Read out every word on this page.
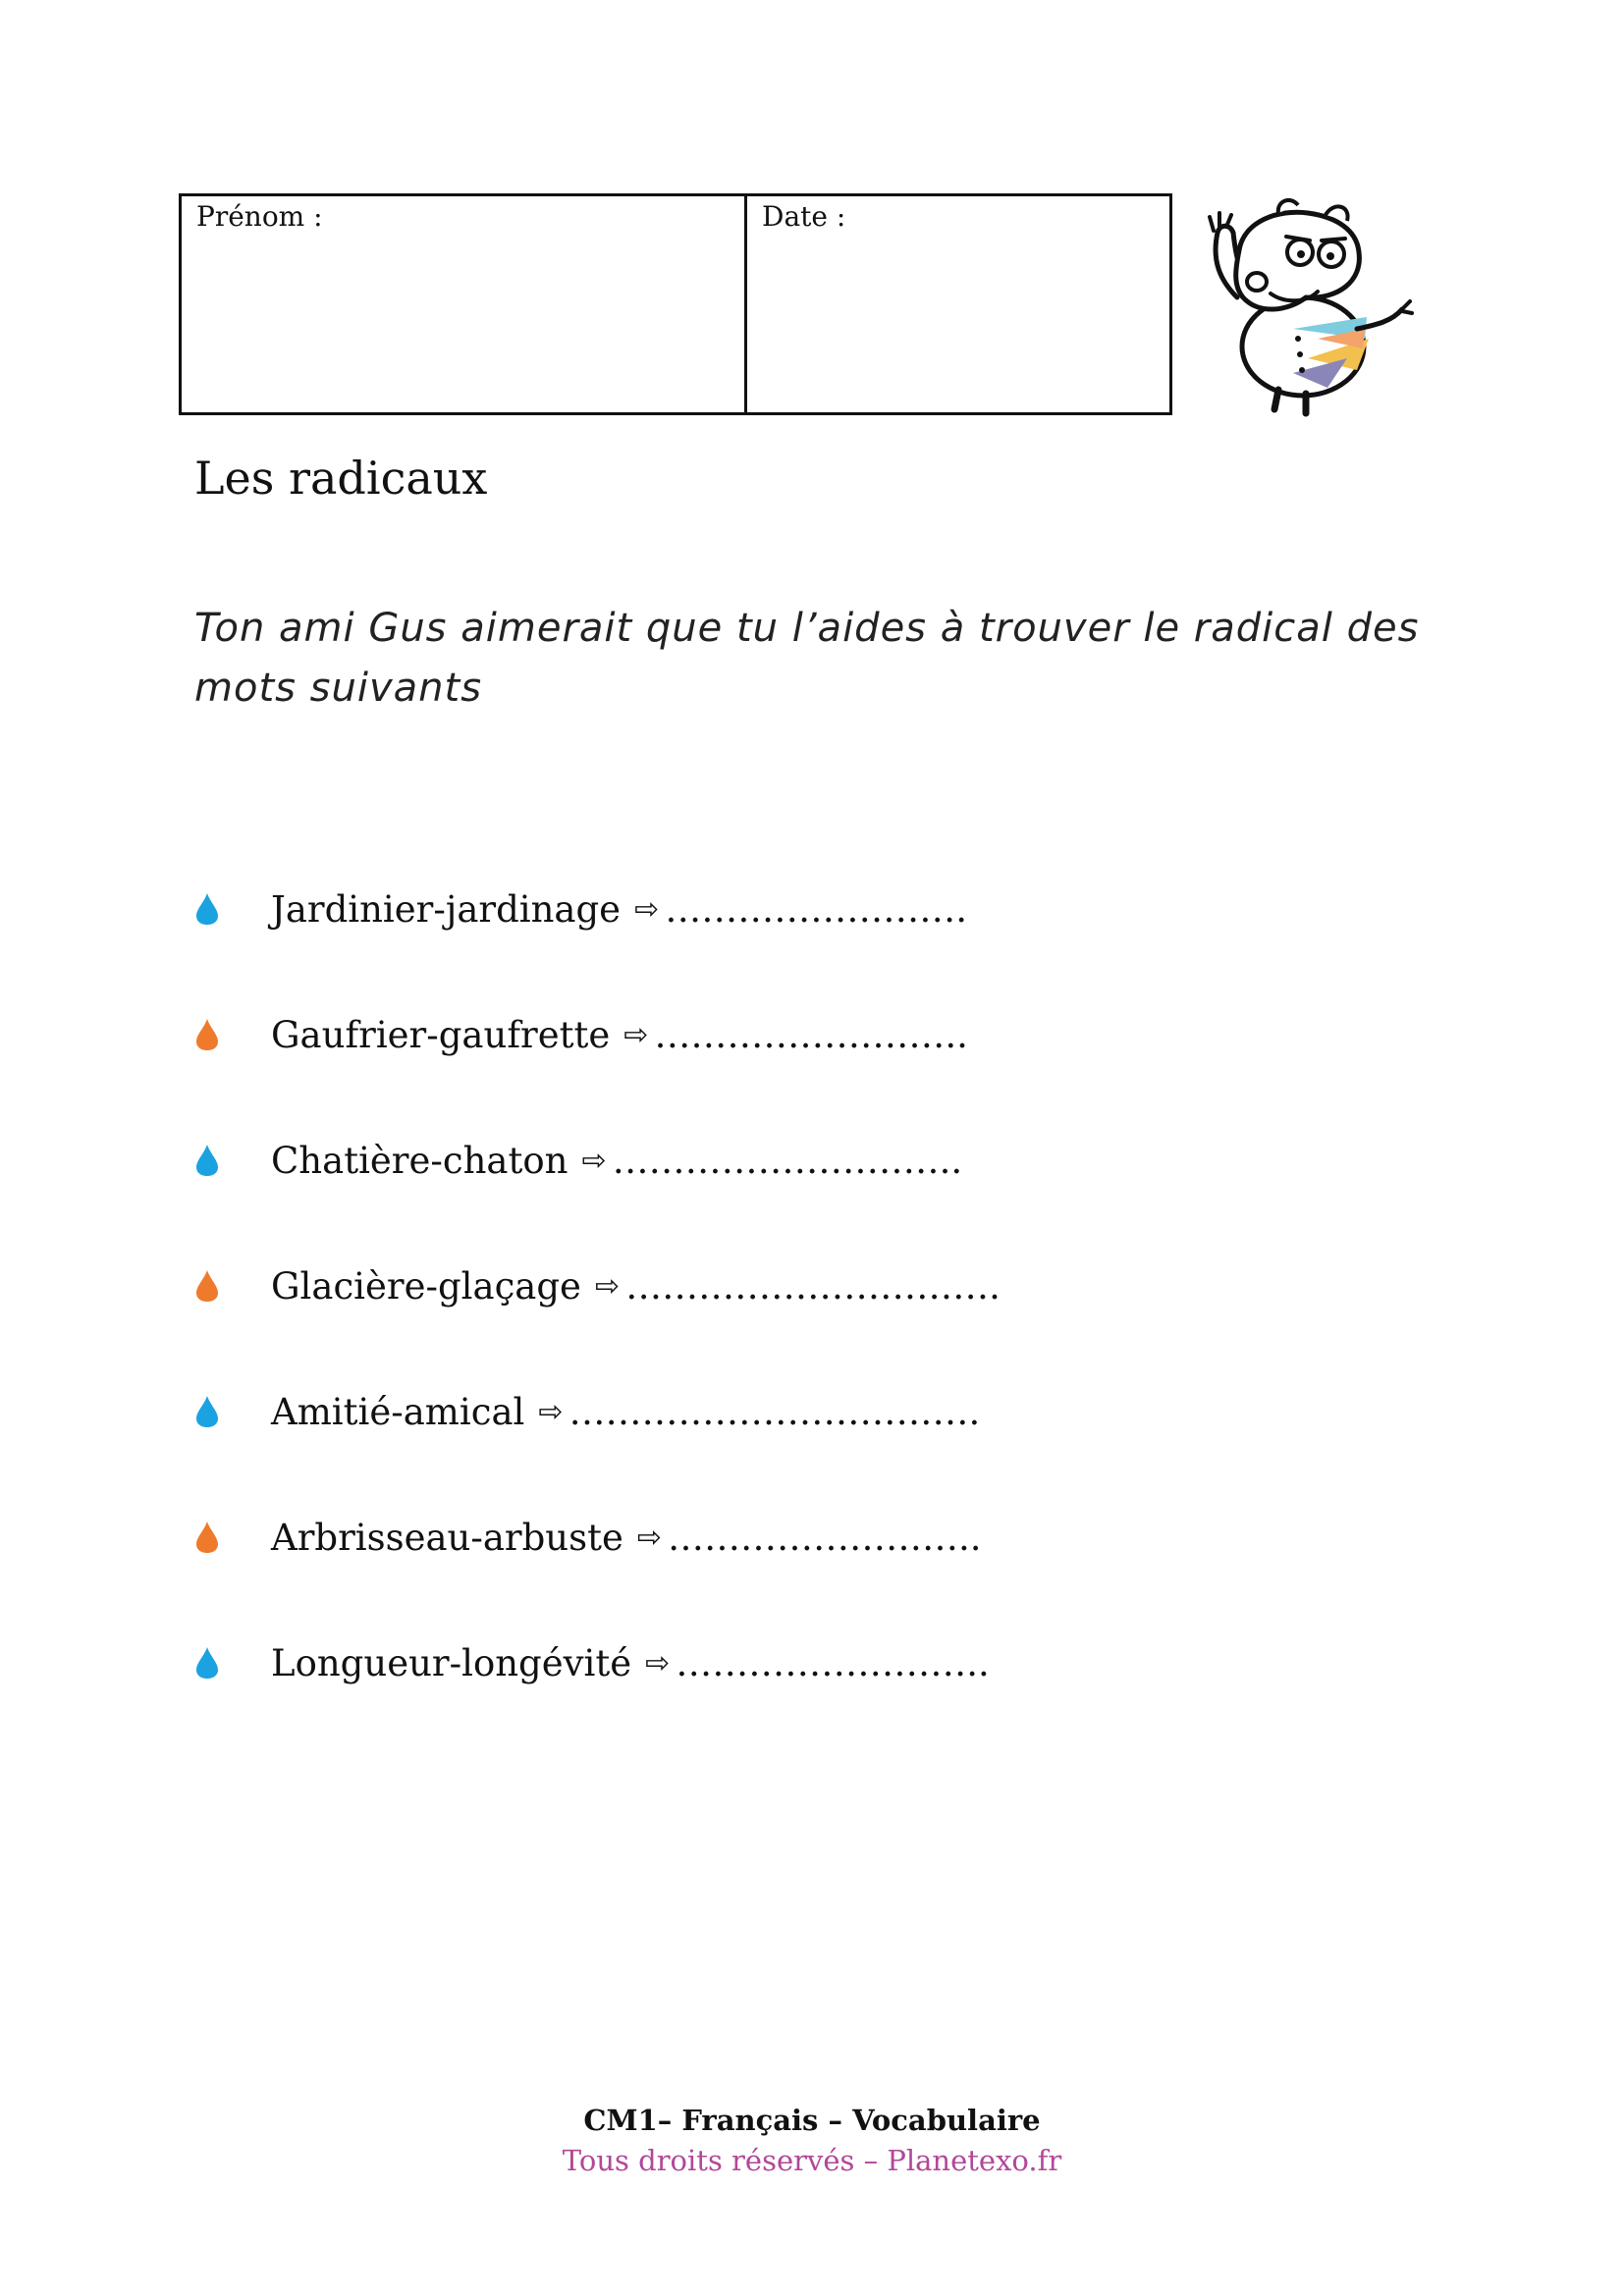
Prénom :	Date :
Les radicaux
Ton ami Gus aimerait que tu l’aides à trouver le radical des mots suivants
Jardinier-jardinage ⇨ …………………….
Gaufrier-gaufrette ⇨ ……………………..
Chatière-chaton ⇨ ………………………..
Glacière-glaçage ⇨ ………………………….
Amitié-amical ⇨ …………………………….
Arbrisseau-arbuste ⇨ ……………………..
Longueur-longévité ⇨ ……………………..
CM1– Français – Vocabulaire
Tous droits réservés – Planetexo.fr
